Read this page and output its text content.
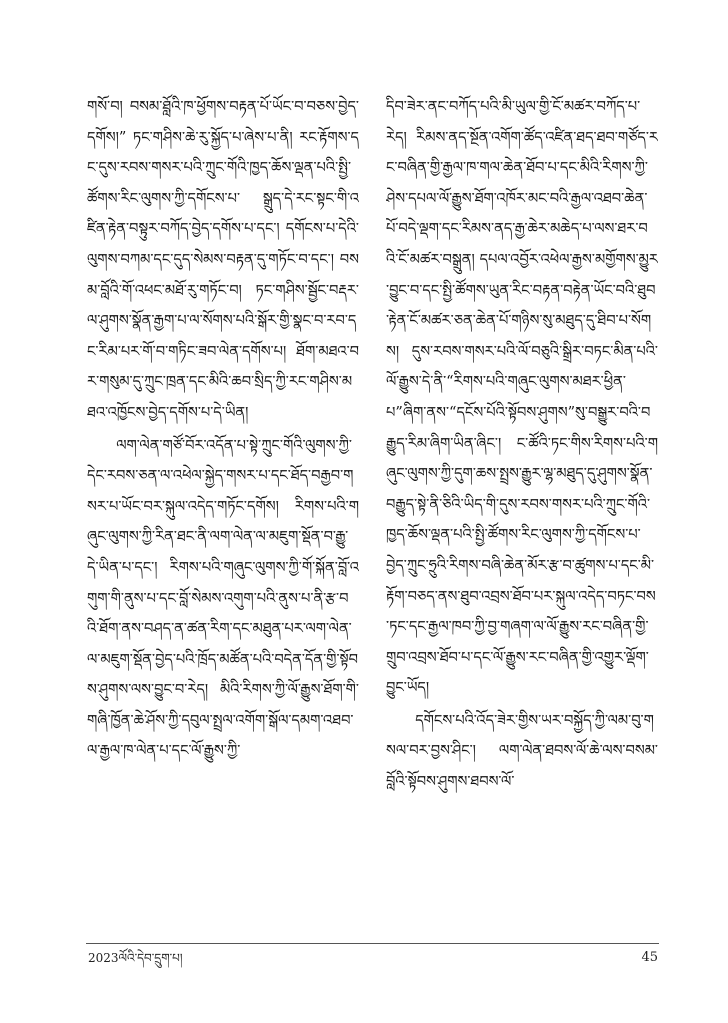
གསོ་བ། བསམ་ཐློའི་ཁ་ཕྱོགས་བརྟན་པོ་ཡོང་བ་བཅས་བྱེད་དགོས།” ཏང་གཤིས་ཆེ་རུ་སྐྱོད་པ་ཞེས་པ་ནི། རང་རྟོགས་དང་དུས་རབས་གསར་པའི་ཀྲུང་གོའི་ཁྱད་ཆོས་ལྡན་པའི་སྤྱི་ཚོགས་རིང་ལུགས་ཀྱི་དགོངས་པ་ སྒྲུད་དེ་རང་སྟང་གི་འཛིན་རྟེན་བསྟུར་བཀོད་བྱེད་དགོས་པ་དང་། དགོངས་པ་དེའི་ལུགས་བཀམ་དང་དུད་སེམས་བརྟན་དུ་གཏོང་བ་དང་། བསམ་བློའི་གོ་འཕང་མཐོ་རུ་གཏོང་བ། ཏང་གཤིས་སྦྱོང་བརྡར་ལ་ཤུགས་སྣོན་རྒྱག་པ་ལ་སོགས་པའི་སྒོར་གྱི་སྣང་བ་རབ་དང་རིམ་པར་གོ་བ་གཏིང་ཟབ་ལེན་དགོས་པ། ཐོག་མཐའ་བར་གསུམ་དུ་ཀྲུང་ཁྲན་དང་མིའི་ཆབ་སྲིད་ཀྱི་རང་གཤིས་མཐའ་འཁྱོངས་བྱེད་དགོས་པ་དེ་ཡིན།

ལག་ལེན་གཙོ་བོར་འདོན་པ་སྟེ་ཀྲུང་གོའི་ལུགས་ཀྱི་དེང་རབས་ཅན་ལ་འཕེལ་སྐྱེད་གསར་པ་དང་ཐོད་བརྒྱབ་གསར་པ་ཡོང་བར་སྐུལ་འདེད་གཏོང་དགོས། རིགས་པའི་གཞུང་ལུགས་ཀྱི་རིན་ཐང་ནི་ལག་ལེན་ལ་མཇུག་སྡོན་བ་རྒྱུ་དེ་ཡིན་པ་དང་། རིགས་པའི་གཞུང་ལུགས་ཀྱི་གོ་སྐོན་བློ་འགུག་གི་ནུས་པ་དང་བློ་སེམས་འགུག་པའི་ནུས་པ་ནི་རྩ་བའི་ཐོག་ནས་བཤད་ན་ཚན་རིག་དང་མཐུན་པར་ལག་ལེན་ལ་མཇུག་སྡོན་བྱེད་པའི་ཁྲོད་མཚོན་པའི་བདེན་དོན་གྱི་སྟོབས་ཤུགས་ལས་བྱུང་བ་རེད། མིའི་རིགས་ཀྱི་ལོ་རྒྱུས་ཐོག་གི་གཞི་ཁྱོན་ཆེ་ཤོས་ཀྱི་དབུལ་སྤྲལ་འགོག་སྒོལ་དམག་འཐབ་ལ་རྒྱལ་ཁ་ལེན་པ་དང་ལོ་རྒྱུས་ཀྱི་

དིབ་ཟེར་ནང་བཀོད་པའི་མི་ཡུལ་གྱི་ངོ་མཚར་བཀོད་པ་རེད། རིམས་ནད་སྔོན་འགོག་ཚོད་འཛིན་ཐད་ཐབ་གཙོད་རང་བཞིན་གྱི་རྒྱལ་ཁ་གལ་ཆེན་ཐོབ་པ་དང་མིའི་རིགས་ཀྱི་ཤེས་དཔལ་ལོ་རྒྱུས་ཐོག་འཁོར་མང་བའི་རྒྱལ་འཐབ་ཆེན་པོ་བདེ་ལྡག་དང་རིམས་ནད་རྒྱ་ཆེར་མཆེད་པ་ལས་ཐར་བའི་ངོ་མཚར་བསྒྲུན། དཔལ་འབྱོར་འཕེལ་རྒྱས་མགྱོགས་མྱུར་བྱུང་བ་དང་སྤྱི་ཚོགས་ཡུན་རིང་བརྟན་བརྟེན་ཡོང་བའི་ཐུབ་རྟེན་ངོ་མཚར་ཅན་ཆེན་པོ་གཉིས་སུ་མཐུད་དུ་ཐིབ་པ་སོགས། དུས་རབས་གསར་པའི་ལོ་བཅུའི་སྒྲིར་བཏང་མིན་པའི་ལོ་རྒྱུས་དེ་ནི་“རིགས་པའི་གཞུང་ལུགས་མཐར་ཕྱིན་པ”ཞིག་ནས་“དངོས་པོའི་སྟོབས་ཤུགས”སུ་བསྒྱུར་བའི་བརྒྱུད་རིམ་ཞིག་ཡིན་ཞིང་། ང་ཚོའི་ཏང་གིས་རིགས་པའི་གཞུང་ལུགས་ཀྱི་དུག་ཆས་སྤྲས་རྒྱུར་ལྷ་མཐུད་དུ་ཤུགས་སྣོན་བརྒྱུད་སྟེ་ནི་ཅིའི་ཡིད་གི་དུས་རབས་གསར་པའི་ཀྲུང་གོའི་ཁྱད་ཆོས་ལྡན་པའི་སྤྱི་ཚོགས་རིང་ལུགས་ཀྱི་དགོངས་པ་བྱེད་ཀྲུང་ཧྲུའི་རིགས་བཞི་ཆེན་མོར་རྩ་བ་ཚུགས་པ་དང་མི་རྟོག་བཅད་ནས་ཐུབ་འབྲས་ཐོབ་པར་སྐུལ་འདེད་བཏང་བས་ཏང་དང་རྒྱལ་ཁབ་ཀྱི་བྱ་གཞག་ལ་ལོ་རྒྱུས་རང་བཞིན་གྱི་གྲུབ་འབྲས་ཐོབ་པ་དང་ལོ་རྒྱུས་རང་བཞིན་གྱི་འགྱུར་ལྡོག་བྱུང་ཡོད།

དགོངས་པའི་འོད་ཟེར་གྱིས་ཡར་བསྐྱོད་ཀྱི་ལམ་བུ་གསལ་བར་བྱས་ཤིང་། ལག་ལེན་ཐབས་ལོ་ཆེ་ལས་བསམ་བློའི་སྟོབས་ཤུགས་ཐབས་ལོ་

2023ལོའི་དེབ་དྲུག་པ།	45
